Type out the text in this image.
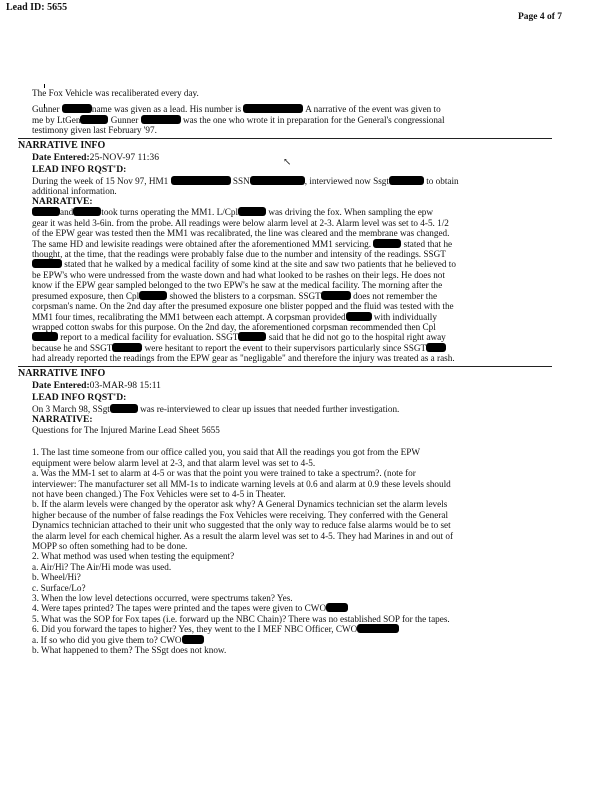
Lead ID: 5655
Page 4 of 7
↖
The Fox Vehicle was recaliberated every day.
Gunner	name was given as a lead. His number is	A narrative of the event was given to
me by LtGen	Gunner	was the one who wrote it in preparation for the General's congressional
testimony given last February '97.
NARRATIVE INFO
Date Entered:25-NOV-97 11:36
LEAD INFO RQST'D:
During the week of 15 Nov 97, HM1	SSN	, interviewed now Ssgt	to obtain
additional information.
NARRATIVE:
and	took turns operating the MM1. L/Cpl	was driving the fox. When sampling the epw
gear it was held 3-6in. from the probe. All readings were below alarm level at 2-3. Alarm level was set to 4-5. 1/2
of the EPW gear was tested then the MM1 was recalibrated, the line was cleared and the membrane was changed.
The same HD and lewisite readings were obtained after the aforementioned MM1 servicing.	stated that he
thought, at the time, that the readings were probably false due to the number and intensity of the readings. SSGT
stated that he walked by a medical facility of some kind at the site and saw two patients that he believed to
be EPW's who were undressed from the waste down and had what looked to be rashes on their legs. He does not
know if the EPW gear sampled belonged to the two EPW's he saw at the medical facility. The morning after the
presumed exposure, then Cpl	showed the blisters to a corpsman. SSGT	does not remember the
corpsman's name. On the 2nd day after the presumed exposure one blister popped and the fluid was tested with the
MM1 four times, recalibrating the MM1 between each attempt. A corpsman provided	with individually
wrapped cotton swabs for this purpose. On the 2nd day, the aforementioned corpsman recommended then Cpl
report to a medical facility for evaluation. SSGT	said that he did not go to the hospital right away
because he and SSGT	were hesitant to report the event to their supervisors particularly since SSGT
had already reported the readings from the EPW gear as "negligable" and therefore the injury was treated as a rash.
NARRATIVE INFO
Date Entered:03-MAR-98 15:11
LEAD INFO RQST'D:
On 3 March 98, SSgt	was re-interviewed to clear up issues that needed further investigation.
NARRATIVE:
Questions for The Injured Marine Lead Sheet 5655
1. The last time someone from our office called you, you said that All the readings you got from the EPW
equipment were below alarm level at 2-3, and that alarm level was set to 4-5.
a. Was the MM-1 set to alarm at 4-5 or was that the point you were trained to take a spectrum?. (note for
interviewer: The manufacturer set all MM-1s to indicate warning levels at 0.6 and alarm at 0.9 these levels should
not have been changed.) The Fox Vehicles were set to 4-5 in Theater.
b. If the alarm levels were changed by the operator ask why? A General Dynamics technician set the alarm levels
higher because of the number of false readings the Fox Vehicles were receiving. They conferred with the General
Dynamics technician attached to their unit who suggested that the only way to reduce false alarms would be to set
the alarm level for each chemical higher. As a result the alarm level was set to 4-5. They had Marines in and out of
MOPP so often something had to be done.
2. What method was used when testing the equipment?
a. Air/Hi? The Air/Hi mode was used.
b. Wheel/Hi?
c. Surface/Lo?
3. When the low level detections occurred, were spectrums taken? Yes.
4. Were tapes printed? The tapes were printed and the tapes were given to CWO
5. What was the SOP for Fox tapes (i.e. forward up the NBC Chain)? There was no established SOP for the tapes.
6. Did you forward the tapes to higher? Yes, they went to the I MEF NBC Officer, CWO
a. If so who did you give them to? CWO
b. What happened to them? The SSgt does not know.
